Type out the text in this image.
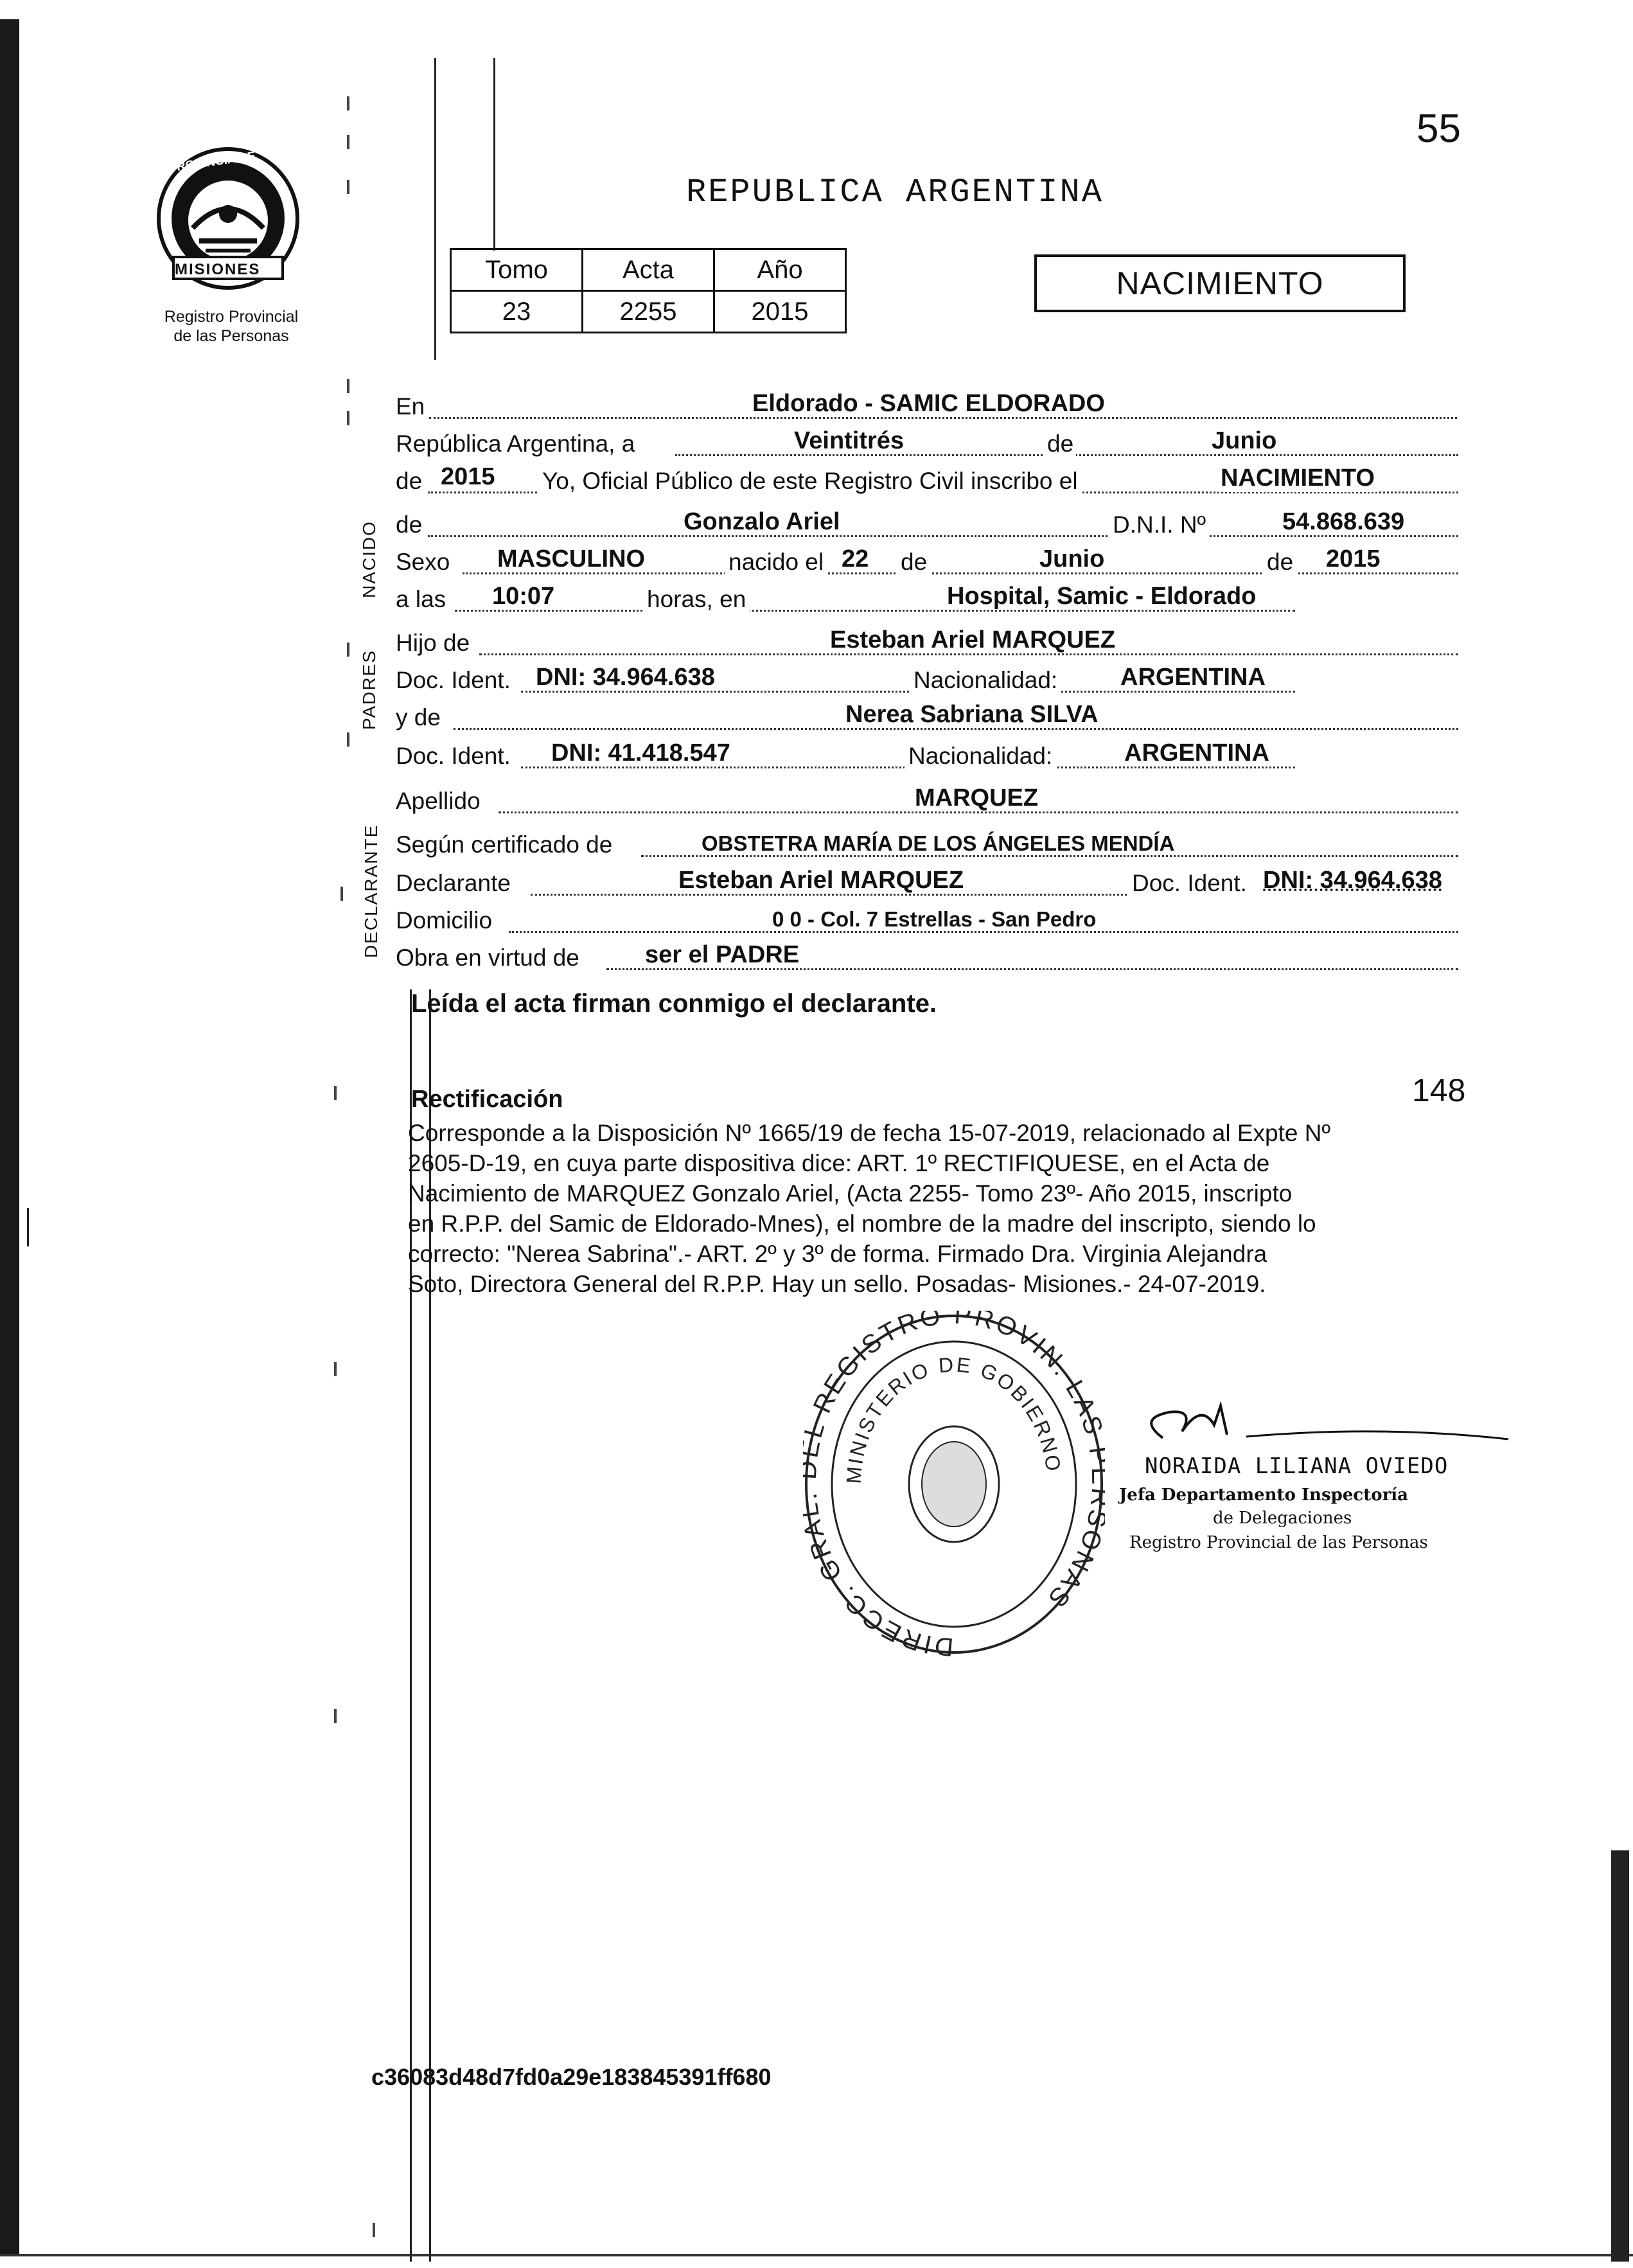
55
PROVINCIA DE
MISIONES
Registro Provincial
de las Personas
REPUBLICA ARGENTINA
Tomo	Acta	Año
23	2255	2015
NACIMIENTO
NACIDO
PADRES
DECLARANTE
En	Eldorado - SAMIC ELDORADO
República Argentina, a	Veintitrés	de	Junio
de 2015 Yo, Oficial Público de este Registro Civil inscribo el	NACIMIENTO
de	Gonzalo Ariel	D.N.I. Nº	54.868.639
Sexo MASCULINO	nacido el 22 de	Junio	de 2015
a las 10:07	horas, en	Hospital, Samic - Eldorado
Hijo de	Esteban Ariel MARQUEZ
Doc. Ident. DNI: 34.964.638	Nacionalidad:	ARGENTINA
y de	Nerea Sabriana SILVA
Doc. Ident. DNI: 41.418.547	Nacionalidad:	ARGENTINA
Apellido	MARQUEZ
Según certificado de	OBSTETRA MARÍA DE LOS ÁNGELES MENDÍA
Declarante	Esteban Ariel MARQUEZ	Doc. Ident. DNI: 34.964.638
Domicilio	0 0 - Col. 7 Estrellas - San Pedro
Obra en virtud de	ser el PADRE
Leída el acta firman conmigo el declarante.
Rectificación	148
Corresponde a la Disposición Nº 1665/19 de fecha 15-07-2019, relacionado al Expte Nº
2605-D-19, en cuya parte dispositiva dice: ART. 1º RECTIFIQUESE, en el Acta de
Nacimiento de MARQUEZ Gonzalo Ariel, (Acta 2255- Tomo 23º- Año 2015, inscripto
en R.P.P. del Samic de Eldorado-Mnes), el nombre de la madre del inscripto, siendo lo
correcto: "Nerea Sabrina".- ART. 2º y 3º de forma. Firmado Dra. Virginia Alejandra
Soto, Directora General del R.P.P. Hay un sello. Posadas- Misiones.- 24-07-2019.
DIRECC. GR REGISTRO PROVIN. LA ONAS
MINISTERIO DE GOBIERNO	NORAIDA LILIANA OVIEDO
Jefa Departamento Inspectoría
de Delegaciones
Registro Provincial de las Personas
c36083d48d7fd0a29e183845391ff680
